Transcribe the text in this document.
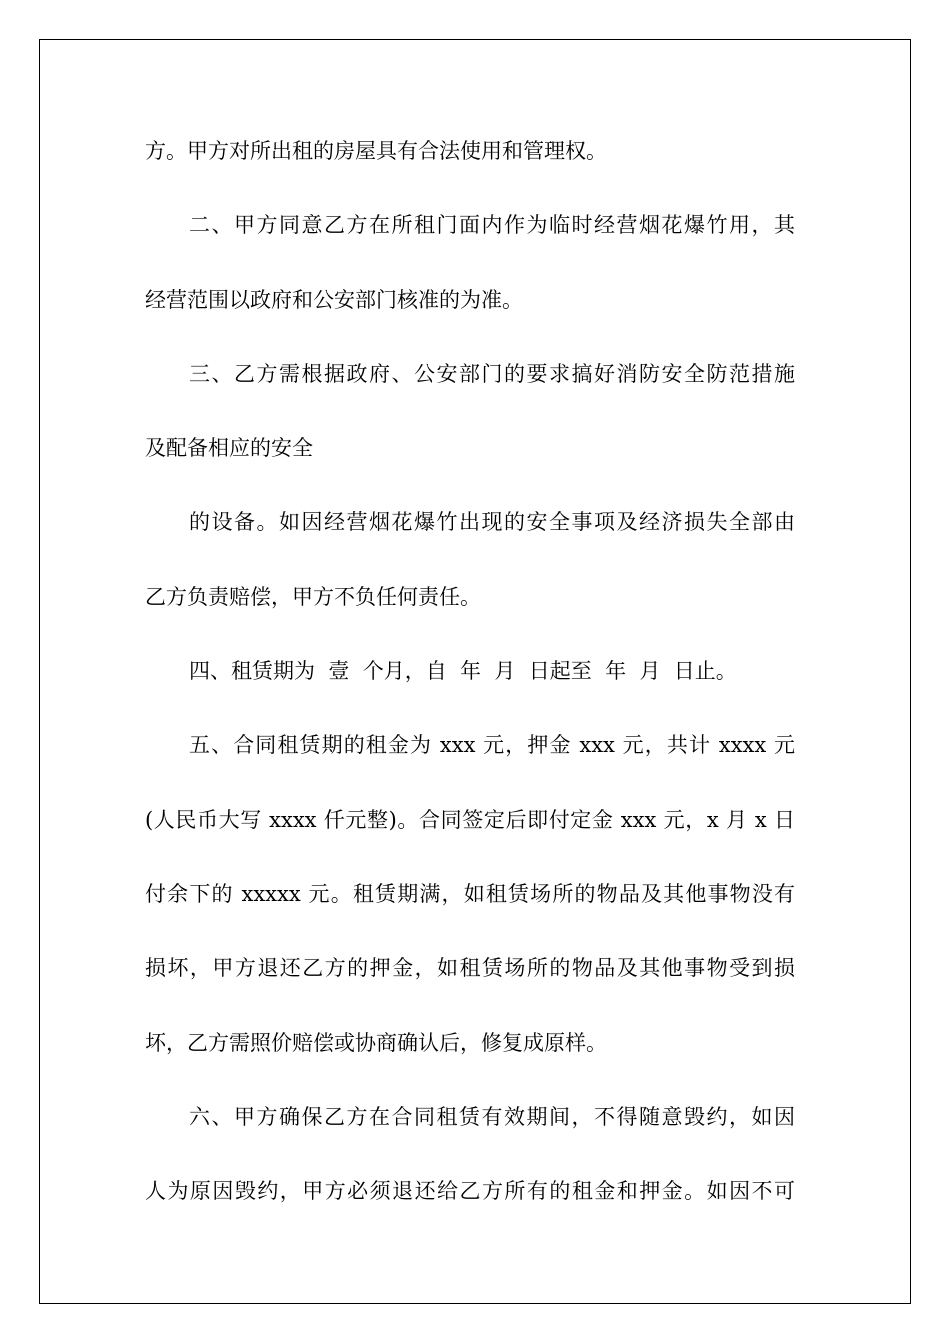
方。甲方对所出租的房屋具有合法使用和管理权。
二、甲方同意乙方在所租门面内作为临时经营烟花爆竹用，其
经营范围以政府和公安部门核准的为准。
三、乙方需根据政府、公安部门的要求搞好消防安全防范措施
及配备相应的安全
的设备。如因经营烟花爆竹出现的安全事项及经济损失全部由
乙方负责赔偿，甲方不负任何责任。
四、租赁期为  壹  个月，自  年  月  日起至  年  月  日止。
五、合同租赁期的租金为 xxx 元，押金 xxx 元，共计 xxxx 元
(人民币大写 xxxx 仟元整)。合同签定后即付定金 xxx 元，x 月 x 日
付余下的 xxxxx 元。租赁期满，如租赁场所的物品及其他事物没有
损坏，甲方退还乙方的押金，如租赁场所的物品及其他事物受到损
坏，乙方需照价赔偿或协商确认后，修复成原样。
六、甲方确保乙方在合同租赁有效期间，不得随意毁约，如因
人为原因毁约，甲方必须退还给乙方所有的租金和押金。如因不可
